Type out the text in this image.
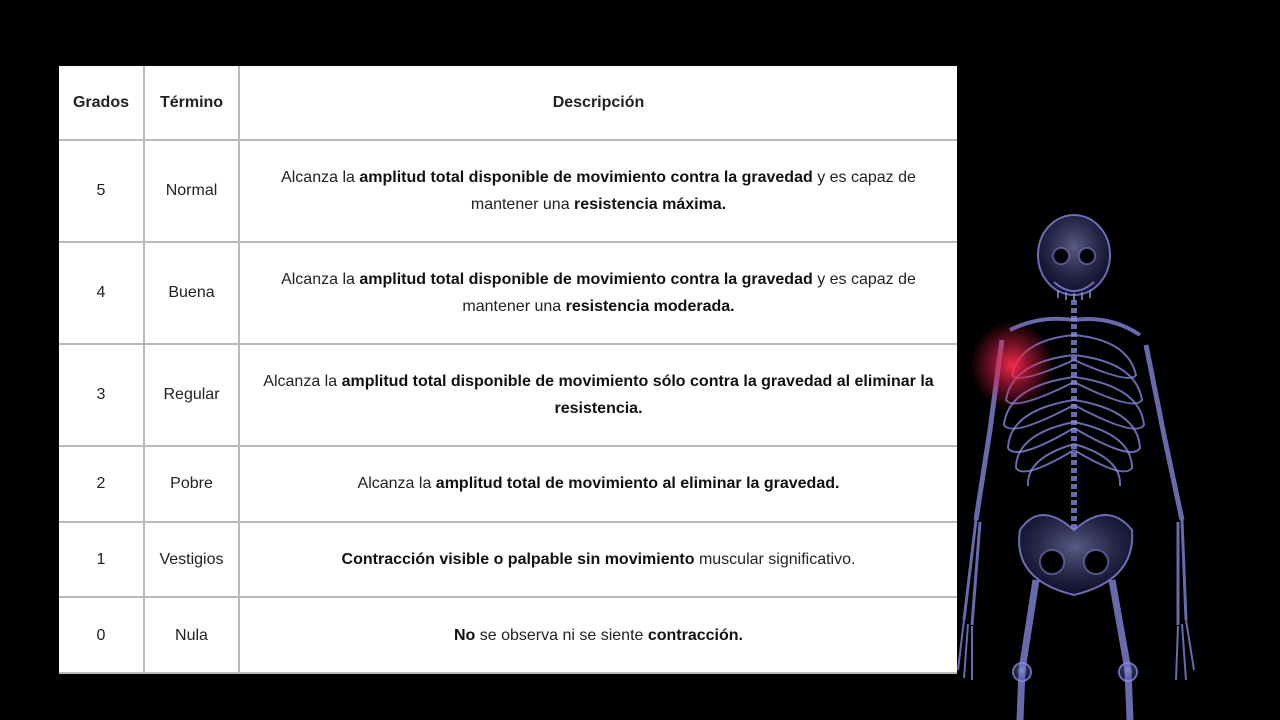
Grados	Término	Descripción
5	Normal	Alcanza la amplitud total disponible de movimiento contra la gravedad y es capaz de mantener una resistencia máxima.
4	Buena	Alcanza la amplitud total disponible de movimiento contra la gravedad y es capaz de mantener una resistencia moderada.
3	Regular	Alcanza la amplitud total disponible de movimiento sólo contra la gravedad al eliminar la resistencia.
2	Pobre	Alcanza la amplitud total de movimiento al eliminar la gravedad.
1	Vestigios	Contracción visible o palpable sin movimiento muscular significativo.
0	Nula	No se observa ni se siente contracción.
